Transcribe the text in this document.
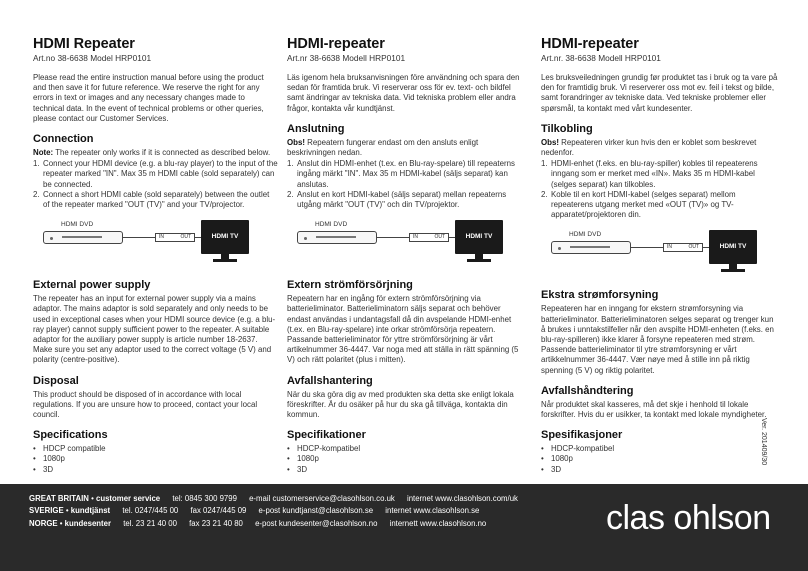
HDMI Repeater
Art.no 38-6638 Model HRP0101

Please read the entire instruction manual before using the product and then save it for future reference. We reserve the right for any errors in text or images and any necessary changes made to technical data. In the event of technical problems or other queries, please contact our Customer Services.

Connection

Note: The repeater only works if it is connected as described below.

1. Connect your HDMI device (e.g. a blu-ray player) to the input of the repeater marked "IN". Max 35 m HDMI cable (sold separately) can be connected.
2. Connect a short HDMI cable (sold separately) between the outlet of the repeater marked "OUT (TV)" and your TV/projector.
HDMI DVD
IN	OUT	HDMI TV
External power supply

The repeater has an input for external power supply via a mains adaptor. The mains adaptor is sold separately and only needs to be used in exceptional cases when your HDMI source device (e.g. a blu-ray player) cannot supply sufficient power to the repeater. A suitable adaptor for the auxiliary power supply is article number 18-2637. Make sure you set any adaptor used to the correct voltage (5 V) and polarity (centre-positive).

Disposal

This product should be disposed of in accordance with local regulations. If you are unsure how to proceed, contact your local council.

Specifications
• HDCP compatible
• 1080p
• 3D
HDMI-repeater
Art.nr 38-6638 Modell HRP0101

Läs igenom hela bruksanvisningen före användning och spara den sedan för framtida bruk. Vi reserverar oss för ev. text- och bildfel samt ändringar av tekniska data. Vid tekniska problem eller andra frågor, kontakta vår kundtjänst.

Anslutning

Obs! Repeatern fungerar endast om den ansluts enligt beskrivningen nedan.

1. Anslut din HDMI-enhet (t.ex. en Blu-ray-spelare) till repeaterns ingång märkt "IN". Max 35 m HDMI-kabel (säljs separat) kan anslutas.
2. Anslut en kort HDMI-kabel (säljs separat) mellan repeaterns utgång märkt "OUT (TV)" och din TV/projektor.
HDMI DVD
IN	OUT	HDMI TV
Extern strömförsörjning

Repeatern har en ingång för extern strömförsörjning via batterieliminator. Batterieliminatorn säljs separat och behöver endast användas i undantagsfall då din avspelande HDMI-enhet (t.ex. en Blu-ray-spelare) inte orkar strömförsörja repeatern. Passande batterieliminator för yttre strömförsörjning är vårt artikelnummer 36-4447. Var noga med att ställa in rätt spänning (5 V) och rätt polaritet (plus i mitten).

Avfallshantering

När du ska göra dig av med produkten ska detta ske enligt lokala föreskrifter. Är du osäker på hur du ska gå tillväga, kontakta din kommun.

Specifikationer
• HDCP-kompatibel
• 1080p
• 3D
HDMI-repeater
Art.nr. 38-6638 Modell HRP0101

Les bruksveiledningen grundig før produktet tas i bruk og ta vare på den for framtidig bruk. Vi reserverer oss mot ev. feil i tekst og bilde, samt forandringer av tekniske data. Ved tekniske problemer eller spørsmål, ta kontakt med vårt kundesenter.

Tilkobling

Obs! Repeateren virker kun hvis den er koblet som beskrevet nedenfor.

1. HDMI-enhet (f.eks. en blu-ray-spiller) kobles til repeaterens inngang som er merket med «IN». Maks 35 m HDMI-kabel (selges separat) kan tilkobles.
2. Koble til en kort HDMI-kabel (selges separat) mellom repeaterens utgang merket med «OUT (TV)» og TV-apparatet/projektoren din.
HDMI DVD
IN	OUT	HDMI TV
Ekstra strømforsyning

Repeateren har en inngang for ekstern strømforsyning via batterieliminator. Batterieliminatoren selges separat og trenger kun å brukes i unntakstilfeller når den avspilte HDMI-enheten (f.eks. en blu-ray-spilleren) ikke klarer å forsyne repeateren med strøm. Passende batterieliminator til ytre strømforsyning er vårt artikkelnummer 36-4447. Vær nøye med å stille inn på riktig spenning (5 V) og riktig polaritet.

Avfallshåndtering

Når produktet skal kasseres, må det skje i henhold til lokale forskrifter. Hvis du er usikker, ta kontakt med lokale myndigheter.

Spesifikasjoner
• HDCP-kompatibel
• 1080p
• 3D
Ver. 201409/30
GREAT BRITAIN • customer service tel: 0845 300 9799 e-mail customerservice@clasohlson.co.uk internet www.clasohlson.com/uk
SVERIGE • kundtjänst tel. 0247/445 00 fax 0247/445 09 e-post kundtjanst@clasohlson.se internet www.clasohlson.se
NORGE • kundesenter tel. 23 21 40 00 fax 23 21 40 80 e-post kundesenter@clasohlson.no internett www.clasohlson.no	clas ohlson
